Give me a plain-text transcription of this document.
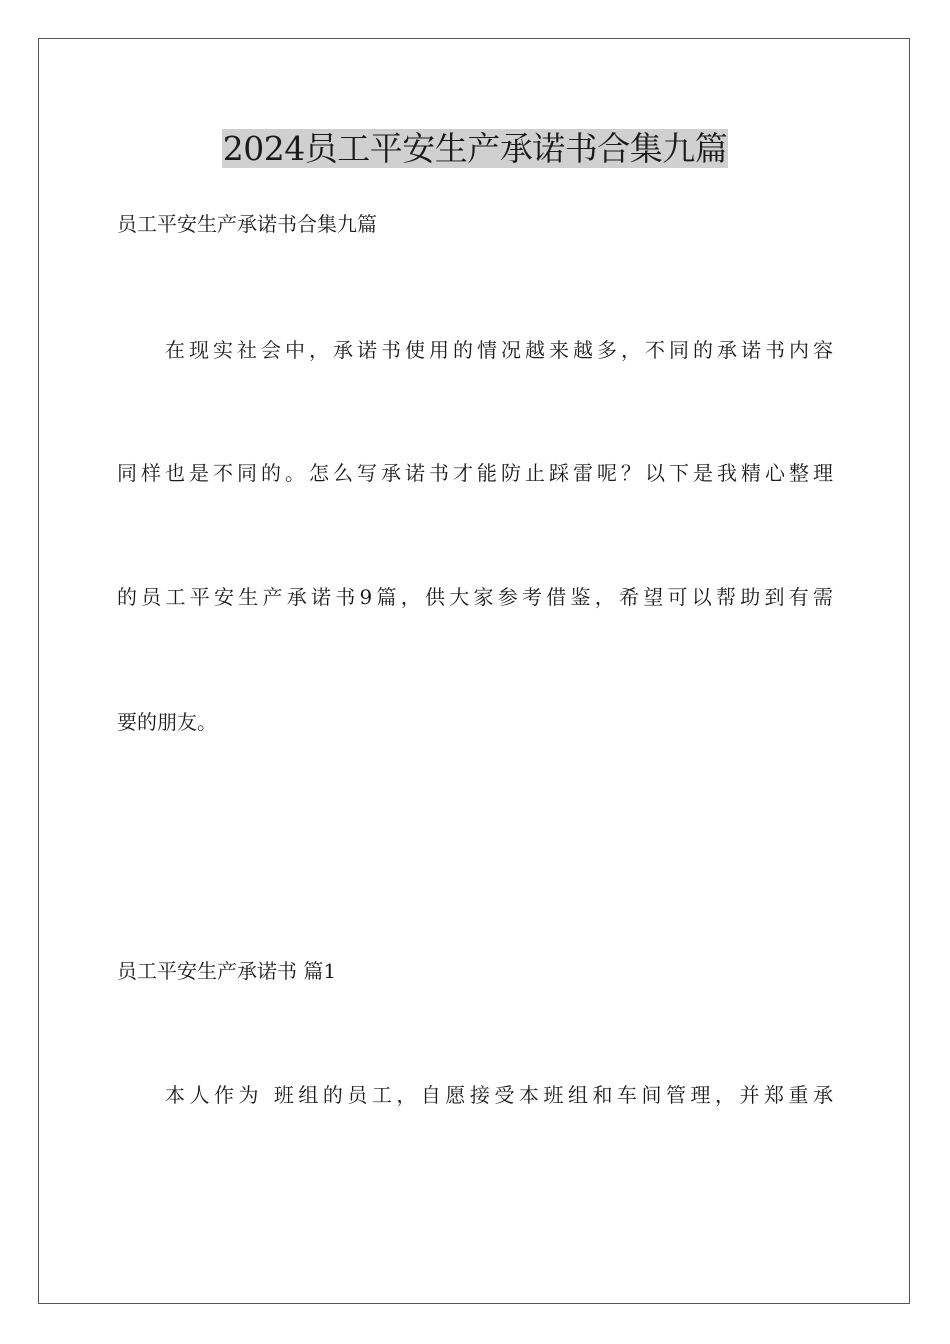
2024员工平安生产承诺书合集九篇
员工平安生产承诺书合集九篇
在现实社会中，承诺书使用的情况越来越多，不同的承诺书内容
同样也是不同的。怎么写承诺书才能防止踩雷呢？以下是我精心整理
的员工平安生产承诺书9篇，供大家参考借鉴，希望可以帮助到有需
要的朋友。
员工平安生产承诺书 篇1
本人作为 班组的员工，自愿接受本班组和车间管理，并郑重承
